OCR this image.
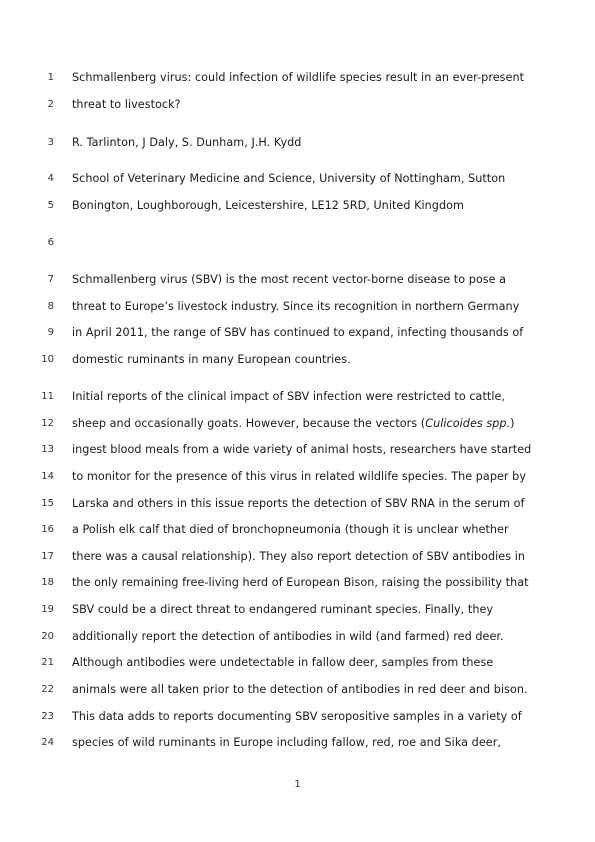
1 Schmallenberg virus: could infection of wildlife species result in an ever-present
2 threat to livestock?
3 R. Tarlinton, J Daly, S. Dunham, J.H. Kydd
4 School of Veterinary Medicine and Science, University of Nottingham, Sutton
5 Bonington, Loughborough, Leicestershire, LE12 5RD, United Kingdom
6
7 Schmallenberg virus (SBV) is the most recent vector-borne disease to pose a
8 threat to Europe’s livestock industry. Since its recognition in northern Germany
9 in April 2011, the range of SBV has continued to expand, infecting thousands of
10 domestic ruminants in many European countries.
11 Initial reports of the clinical impact of SBV infection were restricted to cattle,
12 sheep and occasionally goats. However, because the vectors (Culicoides spp.)
13 ingest blood meals from a wide variety of animal hosts, researchers have started
14 to monitor for the presence of this virus in related wildlife species. The paper by
15 Larska and others in this issue reports the detection of SBV RNA in the serum of
16 a Polish elk calf that died of bronchopneumonia (though it is unclear whether
17 there was a causal relationship). They also report detection of SBV antibodies in
18 the only remaining free-living herd of European Bison, raising the possibility that
19 SBV could be a direct threat to endangered ruminant species. Finally, they
20 additionally report the detection of antibodies in wild (and farmed) red deer.
21 Although antibodies were undetectable in fallow deer, samples from these
22 animals were all taken prior to the detection of antibodies in red deer and bison.
23 This data adds to reports documenting SBV seropositive samples in a variety of
24 species of wild ruminants in Europe including fallow, red, roe and Sika deer,
1
